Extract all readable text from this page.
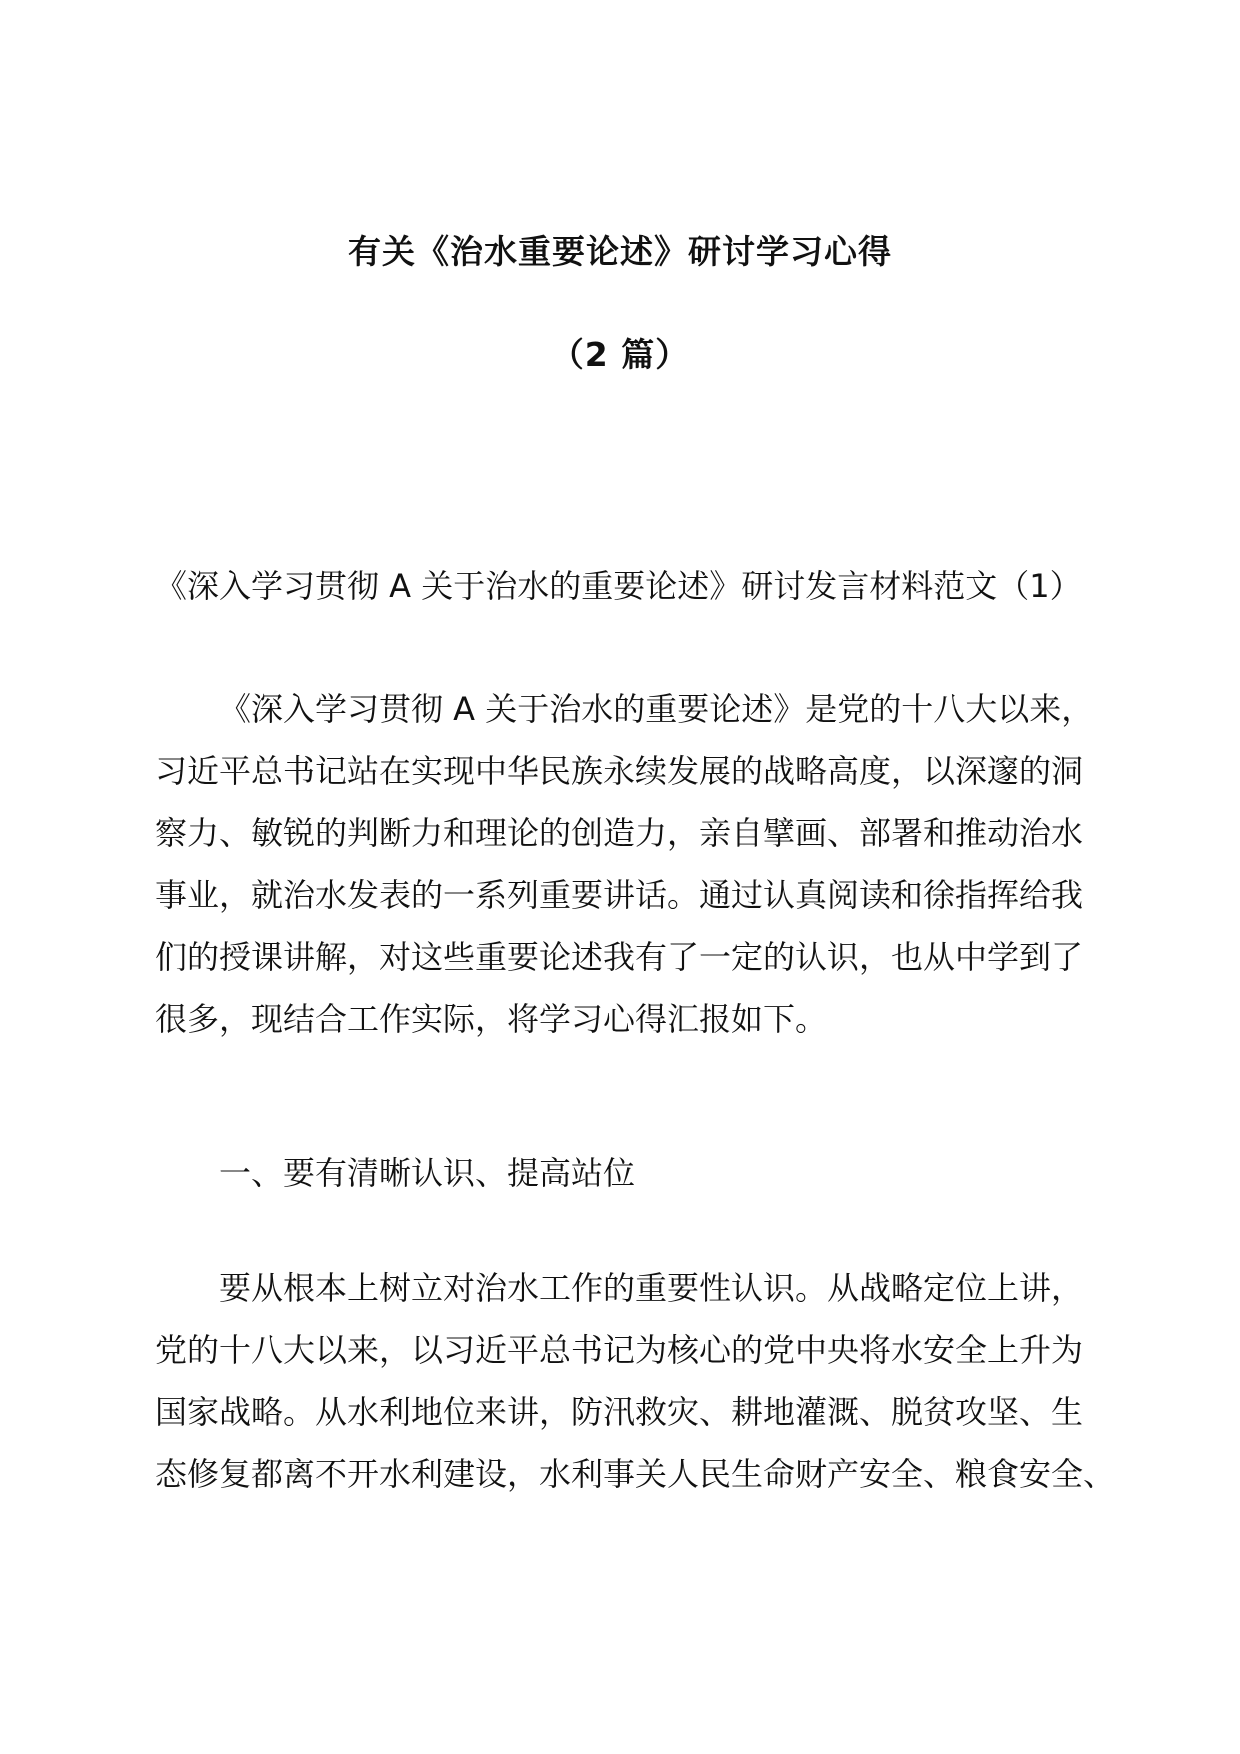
有关《治水重要论述》研讨学习心得
（2 篇）
《深入学习贯彻 A 关于治水的重要论述》研讨发言材料范文（1）
《深入学习贯彻 A 关于治水的重要论述》是党的十八大以来，
习近平总书记站在实现中华民族永续发展的战略高度，以深邃的洞
察力、敏锐的判断力和理论的创造力，亲自擘画、部署和推动治水
事业，就治水发表的一系列重要讲话。通过认真阅读和徐指挥给我
们的授课讲解，对这些重要论述我有了一定的认识，也从中学到了
很多，现结合工作实际，将学习心得汇报如下。
一、要有清晰认识、提高站位
要从根本上树立对治水工作的重要性认识。从战略定位上讲，
党的十八大以来，以习近平总书记为核心的党中央将水安全上升为
国家战略。从水利地位来讲，防汛救灾、耕地灌溉、脱贫攻坚、生
态修复都离不开水利建设，水利事关人民生命财产安全、粮食安全、
